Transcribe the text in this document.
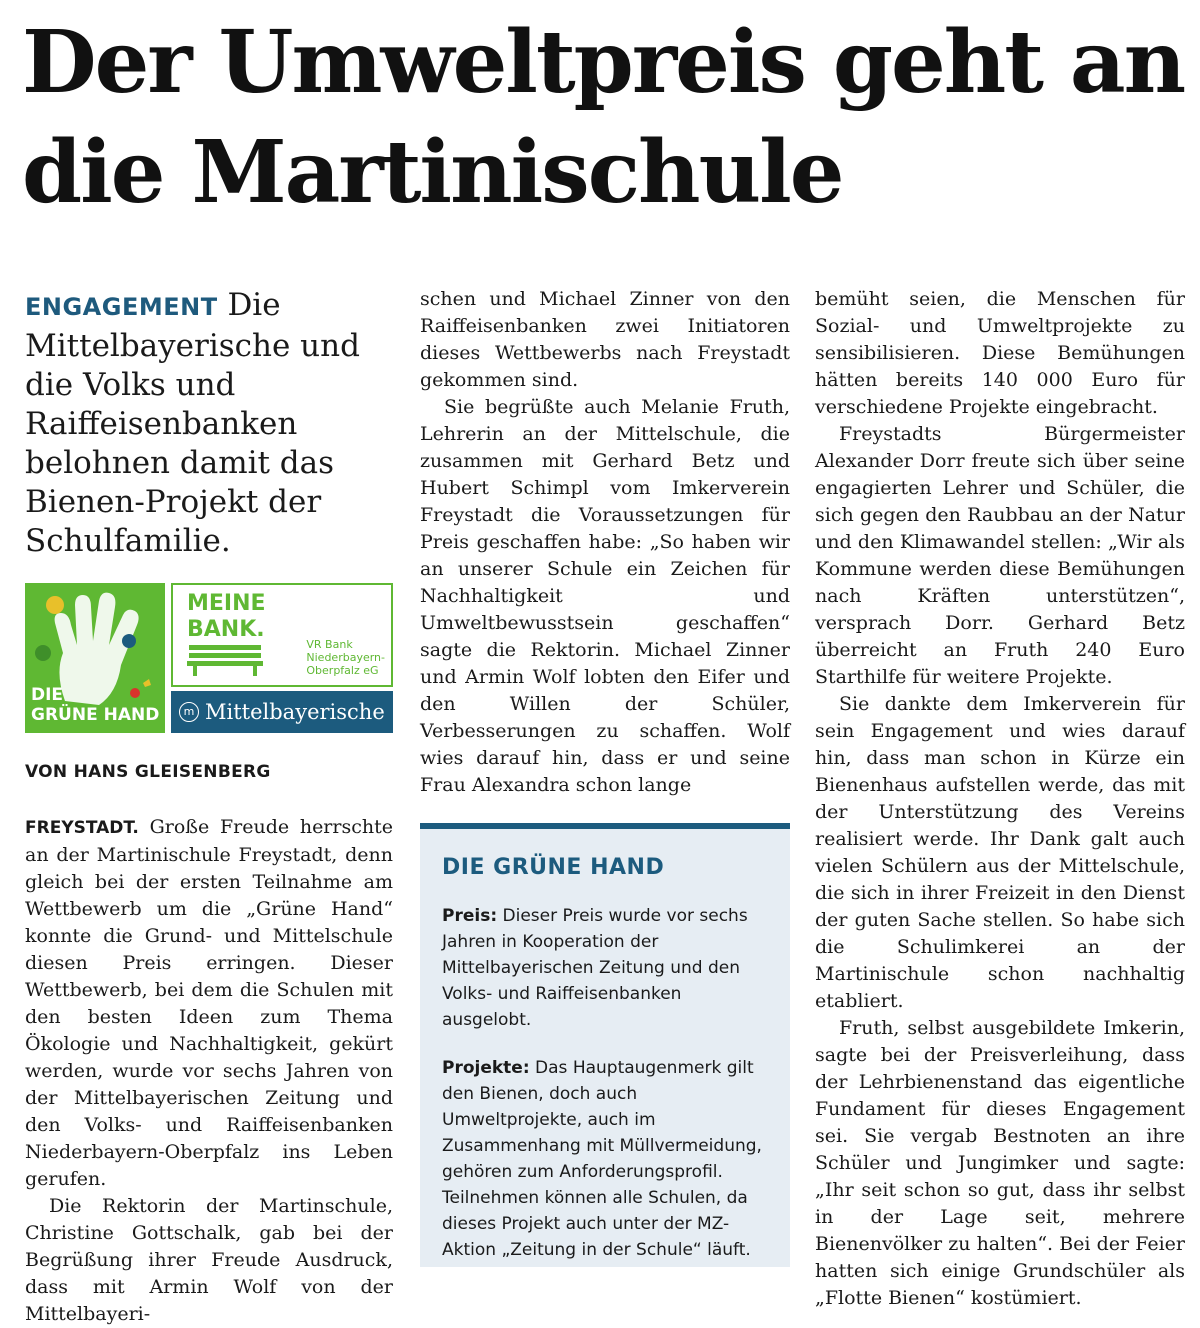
Der Umweltpreis geht an die Martinischule

ENGAGEMENT Die Mittelbayerische und die Volks und Raiffeisenbanken belohnen damit das Bienen-Projekt der Schulfamilie.

DIE
GRÜNE HAND
MEINE
BANK.
VR Bank
Niederbayern-
Oberpfalz eG
m Mittelbayerische
VON HANS GLEISENBERG

FREYSTADT. Große Freude herrschte an der Martinischule Freystadt, denn gleich bei der ersten Teilnahme am Wettbewerb um die „Grüne Hand“ konnte die Grund- und Mittelschule diesen Preis erringen. Dieser Wettbewerb, bei dem die Schulen mit den besten Ideen zum Thema Ökologie und Nachhaltigkeit, gekürt werden, wurde vor sechs Jahren von der Mittelbayerischen Zeitung und den Volks- und Raiffeisenbanken Niederbayern-Oberpfalz ins Leben gerufen.

Die Rektorin der Martinschule, Christine Gottschalk, gab bei der Begrüßung ihrer Freude Ausdruck, dass mit Armin Wolf von der Mittelbayeri-

schen und Michael Zinner von den Raiffeisenbanken zwei Initiatoren dieses Wettbewerbs nach Freystadt gekommen sind.

Sie begrüßte auch Melanie Fruth, Lehrerin an der Mittelschule, die zusammen mit Gerhard Betz und Hubert Schimpl vom Imkerverein Freystadt die Voraussetzungen für Preis geschaffen habe: „So haben wir an unserer Schule ein Zeichen für Nachhaltigkeit und Umweltbewusstsein geschaffen“ sagte die Rektorin. Michael Zinner und Armin Wolf lobten den Eifer und den Willen der Schüler, Verbesserungen zu schaffen. Wolf wies darauf hin, dass er und seine Frau Alexandra schon lange

DIE GRÜNE HAND

Preis: Dieser Preis wurde vor sechs Jahren in Kooperation der Mittelbayerischen Zeitung und den Volks- und Raiffeisenbanken ausgelobt.

Projekte: Das Hauptaugenmerk gilt den Bienen, doch auch Umweltprojekte, auch im Zusammenhang mit Müllvermeidung, gehören zum Anforderungsprofil. Teilnehmen können alle Schulen, da dieses Projekt auch unter der MZ-Aktion „Zeitung in der Schule“ läuft.

bemüht seien, die Menschen für Sozial- und Umweltprojekte zu sensibilisieren. Diese Bemühungen hätten bereits 140 000 Euro für verschiedene Projekte eingebracht.

Freystadts Bürgermeister Alexander Dorr freute sich über seine engagierten Lehrer und Schüler, die sich gegen den Raubbau an der Natur und den Klimawandel stellen: „Wir als Kommune werden diese Bemühungen nach Kräften unterstützen“, versprach Dorr. Gerhard Betz überreicht an Fruth 240 Euro Starthilfe für weitere Projekte.

Sie dankte dem Imkerverein für sein Engagement und wies darauf hin, dass man schon in Kürze ein Bienenhaus aufstellen werde, das mit der Unterstützung des Vereins realisiert werde. Ihr Dank galt auch vielen Schülern aus der Mittelschule, die sich in ihrer Freizeit in den Dienst der guten Sache stellen. So habe sich die Schulimkerei an der Martinischule schon nachhaltig etabliert.

Fruth, selbst ausgebildete Imkerin, sagte bei der Preisverleihung, dass der Lehrbienenstand das eigentliche Fundament für dieses Engagement sei. Sie vergab Bestnoten an ihre Schüler und Jungimker und sagte: „Ihr seit schon so gut, dass ihr selbst in der Lage seit, mehrere Bienenvölker zu halten“. Bei der Feier hatten sich einige Grundschüler als „Flotte Bienen“ kostümiert.
